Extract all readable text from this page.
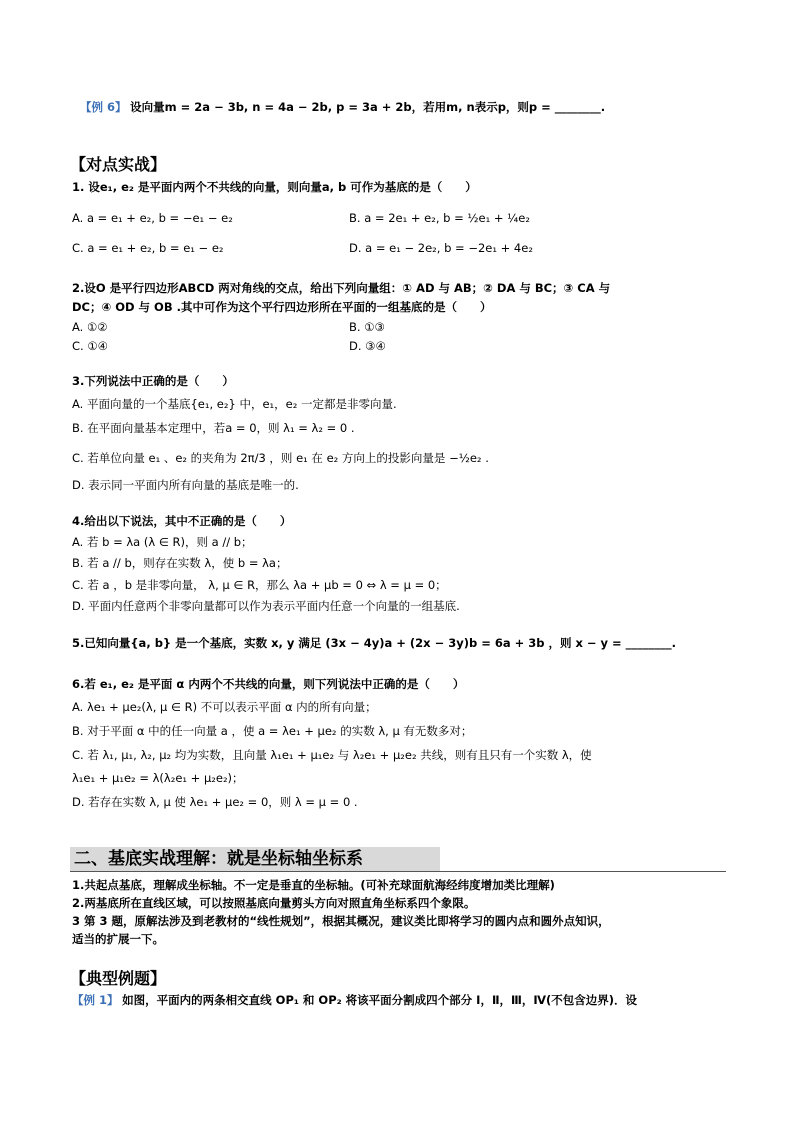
【例 6】 设向量m = 2a − 3b, n = 4a − 2b, p = 3a + 2b，若用m, n表示p，则p = ________.
【对点实战】
1. 设e₁, e₂ 是平面内两个不共线的向量，则向量a, b 可作为基底的是（　　）
A. a = e₁ + e₂, b = −e₁ − e₂	B. a = 2e₁ + e₂, b = ½e₁ + ¼e₂
C. a = e₁ + e₂, b = e₁ − e₂	D. a = e₁ − 2e₂, b = −2e₁ + 4e₂
2.设O 是平行四边形ABCD 两对角线的交点，给出下列向量组：① AD 与 AB；② DA 与 BC；③ CA 与
DC；④ OD 与 OB .其中可作为这个平行四边形所在平面的一组基底的是（　　）
A. ①②	B. ①③
C. ①④	D. ③④
3.下列说法中正确的是（　　）
A. 平面向量的一个基底{e₁, e₂} 中，e₁，e₂ 一定都是非零向量.
B. 在平面向量基本定理中，若a = 0，则 λ₁ = λ₂ = 0 .
C. 若单位向量 e₁ 、e₂ 的夹角为 2π/3 ，则 e₁ 在 e₂ 方向上的投影向量是 −½e₂ .
D. 表示同一平面内所有向量的基底是唯一的.
4.给出以下说法，其中不正确的是（　　）
A. 若 b = λa (λ ∈ R)，则 a // b；
B. 若 a // b，则存在实数 λ，使 b = λa；
C. 若 a ，b 是非零向量， λ, μ ∈ R，那么 λa + μb = 0 ⇔ λ = μ = 0；
D. 平面内任意两个非零向量都可以作为表示平面内任意一个向量的一组基底.
5.已知向量{a, b} 是一个基底，实数 x, y 满足 (3x − 4y)a + (2x − 3y)b = 6a + 3b ，则 x − y = ________.
6.若 e₁, e₂ 是平面 α 内两个不共线的向量，则下列说法中正确的是（　　）
A. λe₁ + μe₂(λ, μ ∈ R) 不可以表示平面 α 内的所有向量；
B. 对于平面 α 中的任一向量 a ，使 a = λe₁ + μe₂ 的实数 λ, μ 有无数多对；
C. 若 λ₁, μ₁, λ₂, μ₂ 均为实数，且向量 λ₁e₁ + μ₁e₂ 与 λ₂e₁ + μ₂e₂ 共线，则有且只有一个实数 λ，使
λ₁e₁ + μ₁e₂ = λ(λ₂e₁ + μ₂e₂)；
D. 若存在实数 λ, μ 使 λe₁ + μe₂ = 0，则 λ = μ = 0 .
二、基底实战理解：就是坐标轴坐标系
1.共起点基底，理解成坐标轴。不一定是垂直的坐标轴。(可补充球面航海经纬度增加类比理解)
2.两基底所在直线区域，可以按照基底向量剪头方向对照直角坐标系四个象限。
3 第 3 题，原解法涉及到老教材的“线性规划”，根据其概况，建议类比即将学习的圆内点和圆外点知识，
适当的扩展一下。
【典型例题】
【例 1】 如图，平面内的两条相交直线 OP₁ 和 OP₂ 将该平面分割成四个部分 Ⅰ，Ⅱ，Ⅲ，Ⅳ(不包含边界)．设
